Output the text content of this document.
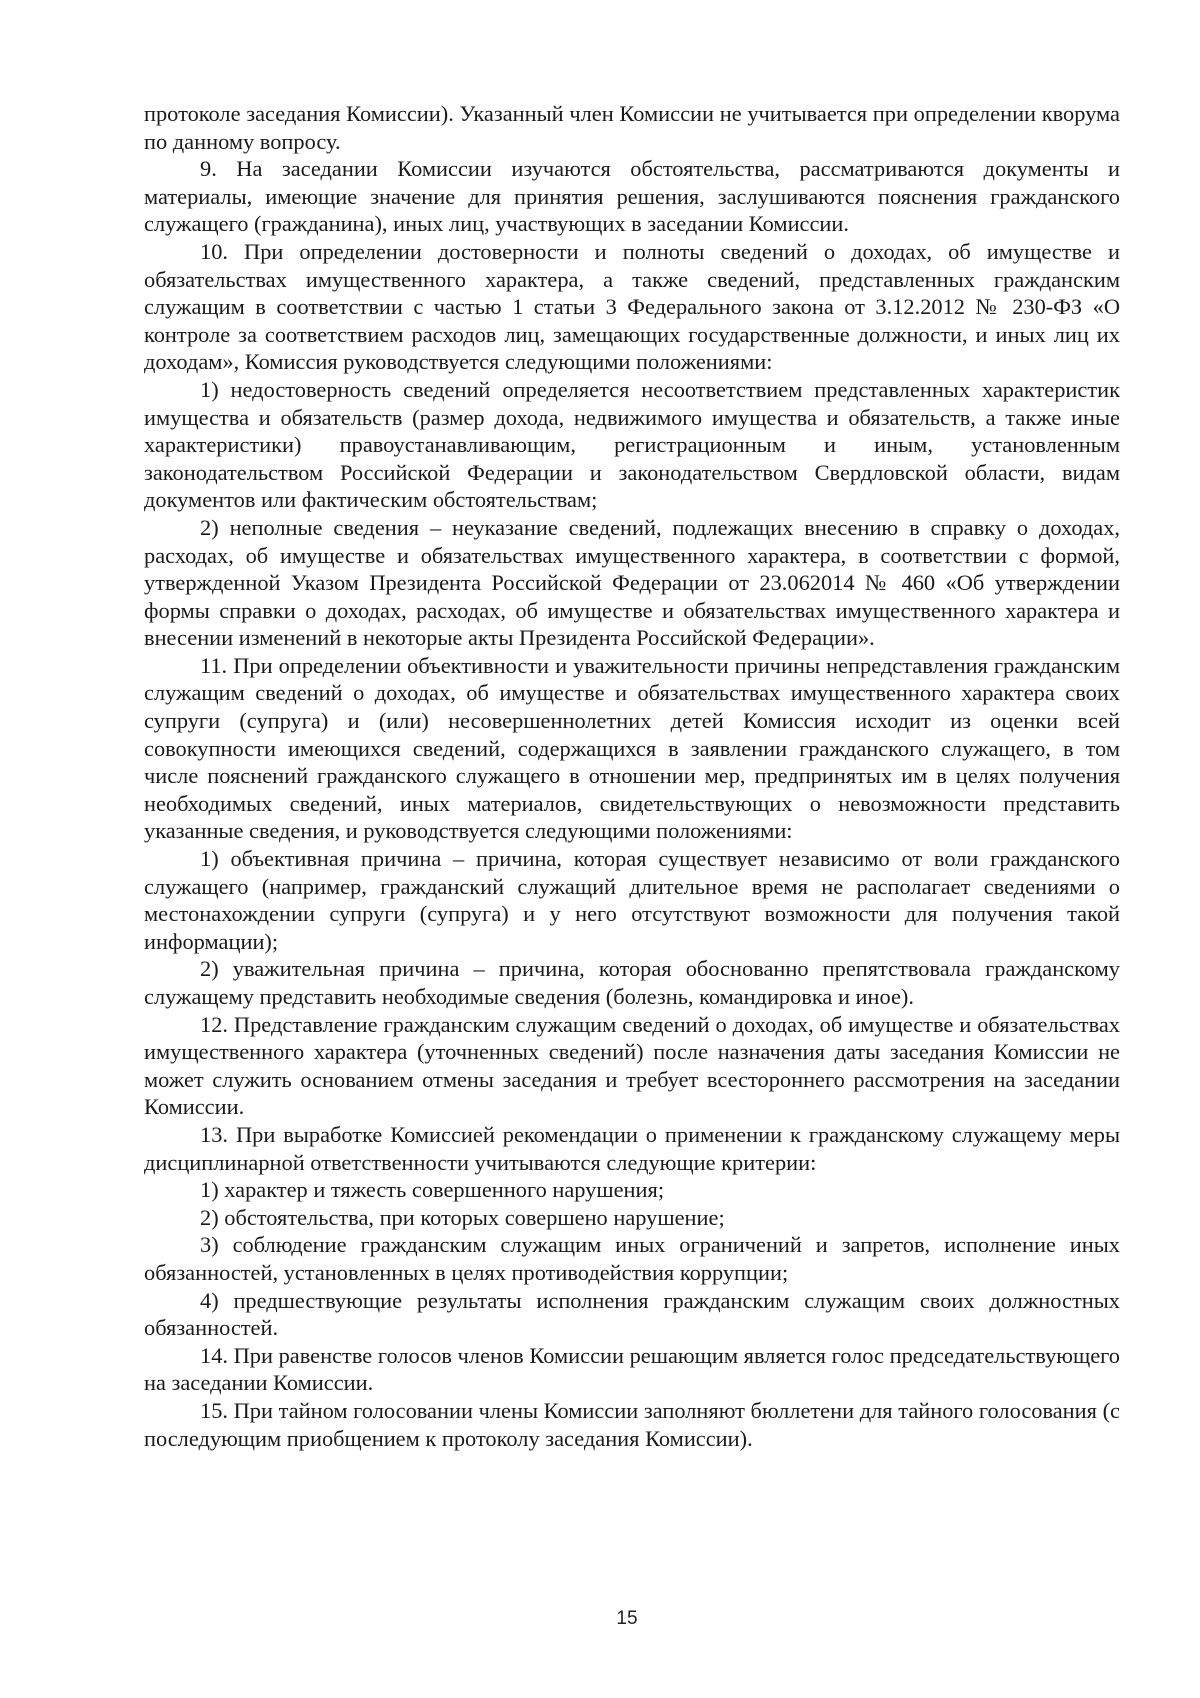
протоколе заседания Комиссии). Указанный член Комиссии не учитывается при определении кворума по данному вопросу.

9. На заседании Комиссии изучаются обстоятельства, рассматриваются документы и материалы, имеющие значение для принятия решения, заслушиваются пояснения гражданского служащего (гражданина), иных лиц, участвующих в заседании Комиссии.

10. При определении достоверности и полноты сведений о доходах, об имуществе и обязательствах имущественного характера, а также сведений, представленных гражданским служащим в соответствии с частью 1 статьи 3 Федерального закона от 3.12.2012 № 230-ФЗ «О контроле за соответствием расходов лиц, замещающих государственные должности, и иных лиц их доходам», Комиссия руководствуется следующими положениями:

1) недостоверность сведений определяется несоответствием представленных характеристик имущества и обязательств (размер дохода, недвижимого имущества и обязательств, а также иные характеристики) правоустанавливающим, регистрационным и иным, установленным законодательством Российской Федерации и законодательством Свердловской области, видам документов или фактическим обстоятельствам;

2) неполные сведения – неуказание сведений, подлежащих внесению в справку о доходах, расходах, об имуществе и обязательствах имущественного характера, в соответствии с формой, утвержденной Указом Президента Российской Федерации от 23.062014 № 460 «Об утверждении формы справки о доходах, расходах, об имуществе и обязательствах имущественного характера и внесении изменений в некоторые акты Президента Российской Федерации».

11. При определении объективности и уважительности причины непредставления гражданским служащим сведений о доходах, об имуществе и обязательствах имущественного характера своих супруги (супруга) и (или) несовершеннолетних детей Комиссия исходит из оценки всей совокупности имеющихся сведений, содержащихся в заявлении гражданского служащего, в том числе пояснений гражданского служащего в отношении мер, предпринятых им в целях получения необходимых сведений, иных материалов, свидетельствующих о невозможности представить указанные сведения, и руководствуется следующими положениями:

1) объективная причина – причина, которая существует независимо от воли гражданского служащего (например, гражданский служащий длительное время не располагает сведениями о местонахождении супруги (супруга) и у него отсутствуют возможности для получения такой информации);

2) уважительная причина – причина, которая обоснованно препятствовала гражданскому служащему представить необходимые сведения (болезнь, командировка и иное).

12. Представление гражданским служащим сведений о доходах, об имуществе и обязательствах имущественного характера (уточненных сведений) после назначения даты заседания Комиссии не может служить основанием отмены заседания и требует всестороннего рассмотрения на заседании Комиссии.

13. При выработке Комиссией рекомендации о применении к гражданскому служащему меры дисциплинарной ответственности учитываются следующие критерии:

1) характер и тяжесть совершенного нарушения;

2) обстоятельства, при которых совершено нарушение;

3) соблюдение гражданским служащим иных ограничений и запретов, исполнение иных обязанностей, установленных в целях противодействия коррупции;

4) предшествующие результаты исполнения гражданским служащим своих должностных обязанностей.

14. При равенстве голосов членов Комиссии решающим является голос председательствующего на заседании Комиссии.

15. При тайном голосовании члены Комиссии заполняют бюллетени для тайного голосования (с последующим приобщением к протоколу заседания Комиссии).

15
